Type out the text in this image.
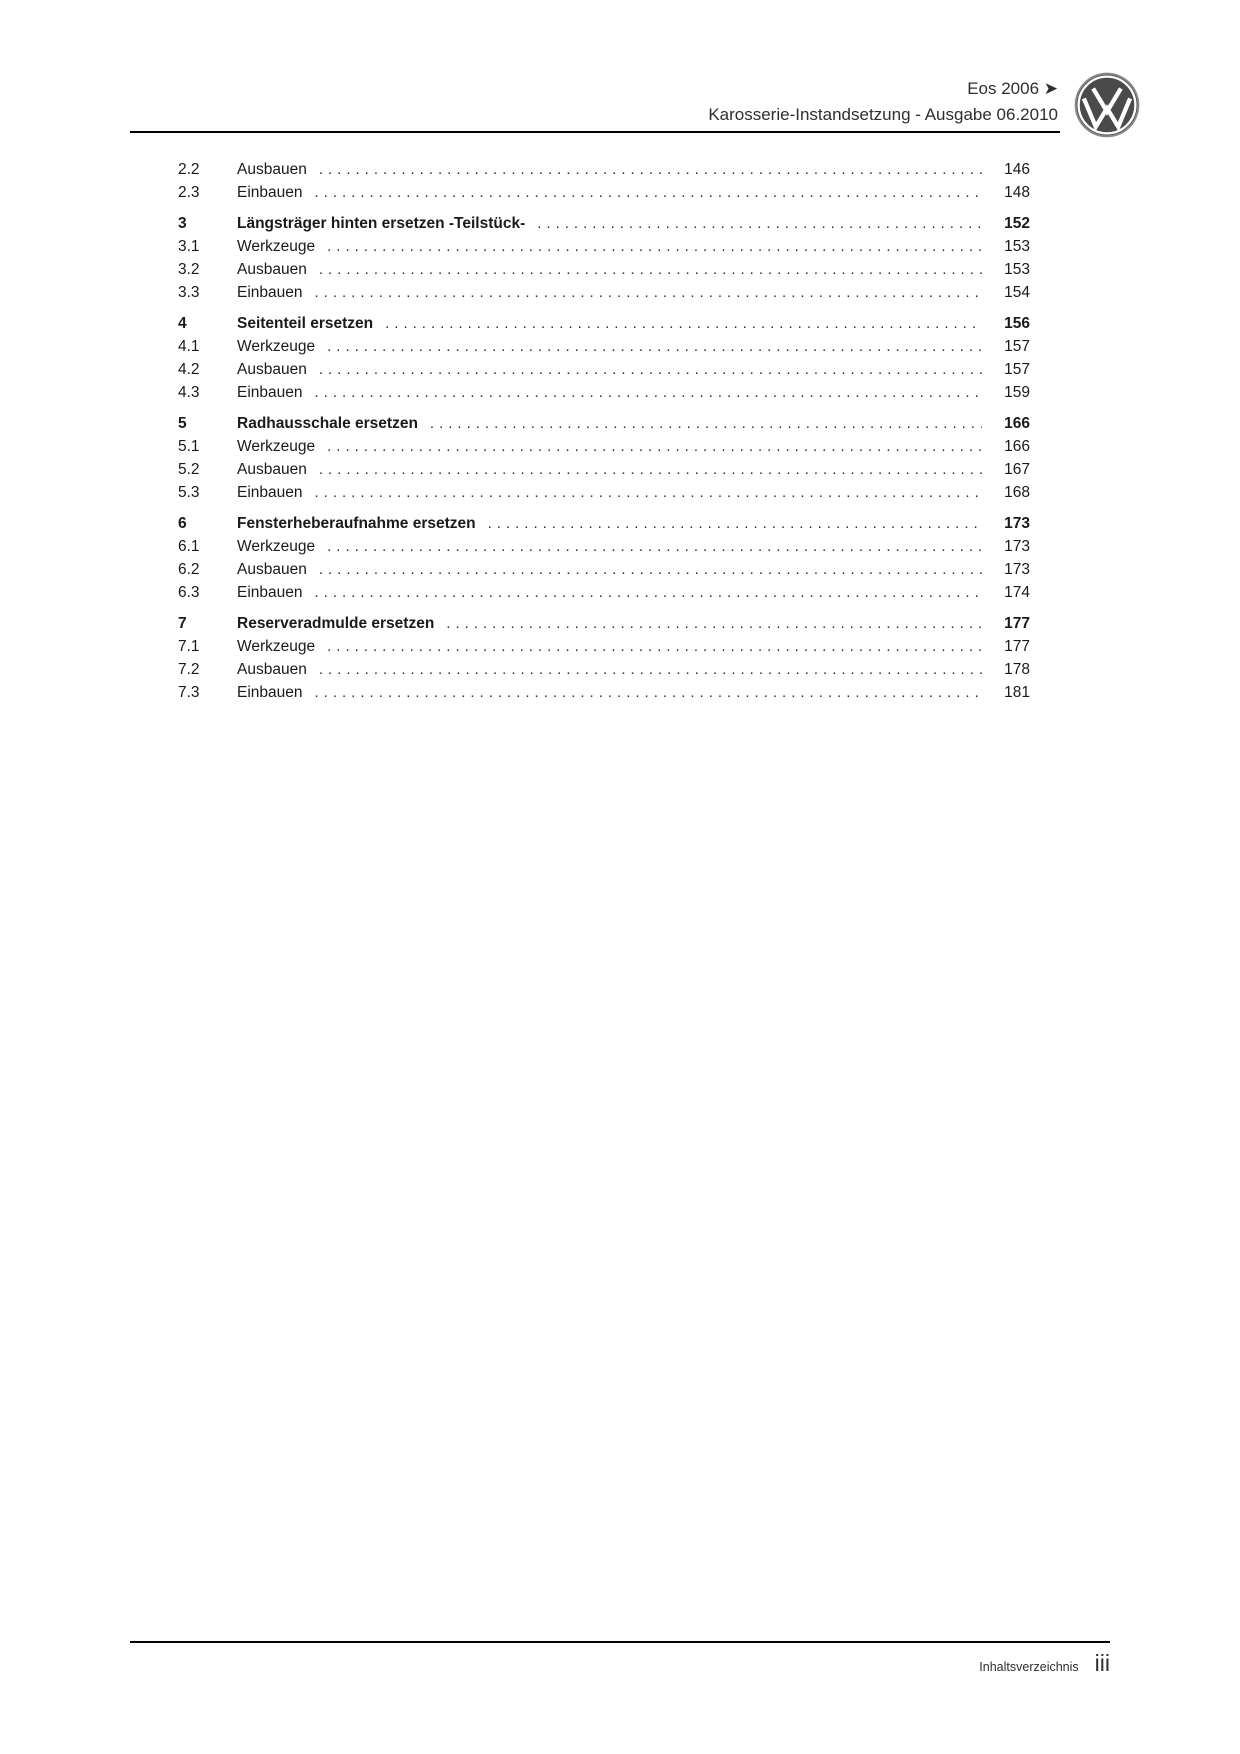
Eos 2006 ➤
Karosserie-Instandsetzung - Ausgabe 06.2010
2.2	Ausbauen .....	146
2.3	Einbauen .....	148
3	Längsträger hinten ersetzen -Teilstück- .....	152
3.1	Werkzeuge .....	153
3.2	Ausbauen .....	153
3.3	Einbauen .....	154
4	Seitenteil ersetzen .....	156
4.1	Werkzeuge .....	157
4.2	Ausbauen .....	157
4.3	Einbauen .....	159
5	Radhausschale ersetzen .....	166
5.1	Werkzeuge .....	166
5.2	Ausbauen .....	167
5.3	Einbauen .....	168
6	Fensterheberaufnahme ersetzen .....	173
6.1	Werkzeuge .....	173
6.2	Ausbauen .....	173
6.3	Einbauen .....	174
7	Reserveradmulde ersetzen .....	177
7.1	Werkzeuge .....	177
7.2	Ausbauen .....	178
7.3	Einbauen .....	181
Inhaltsverzeichnis iii
